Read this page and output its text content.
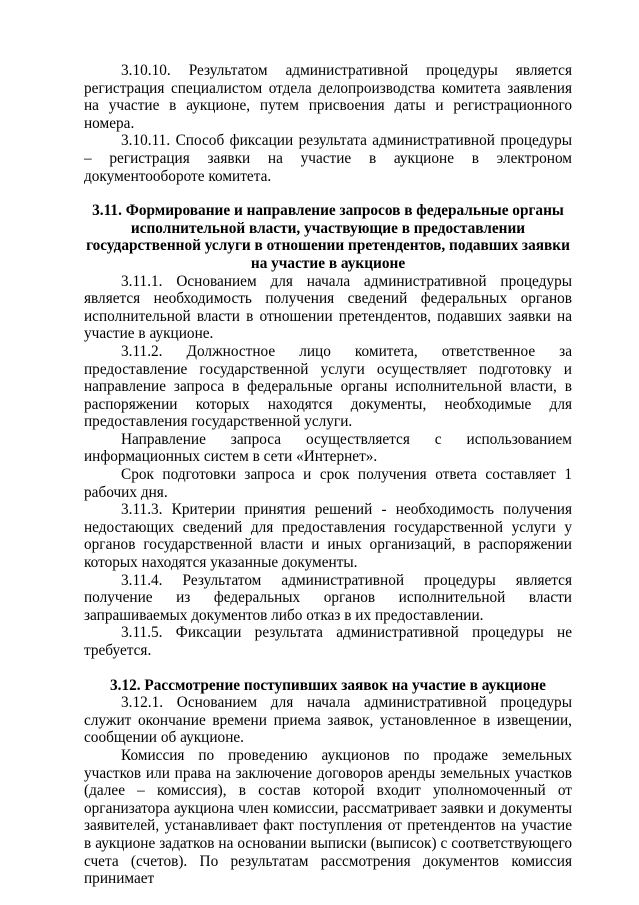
3.10.10. Результатом административной процедуры является регистрация специалистом отдела делопроизводства комитета заявления на участие в аукционе, путем присвоения даты и регистрационного номера.

3.10.11. Способ фиксации результата административной процедуры – регистрация заявки на участие в аукционе в электроном документообороте комитета.

3.11. Формирование и направление запросов в федеральные органы исполнительной власти, участвующие в предоставлении государственной услуги в отношении претендентов, подавших заявки на участие в аукционе

3.11.1. Основанием для начала административной процедуры является необходимость получения сведений федеральных органов исполнительной власти в отношении претендентов, подавших заявки на участие в аукционе.

3.11.2. Должностное лицо комитета, ответственное за предоставление государственной услуги осуществляет подготовку и направление запроса в федеральные органы исполнительной власти, в распоряжении которых находятся документы, необходимые для предоставления государственной услуги.

Направление запроса осуществляется с использованием информационных систем в сети «Интернет».

Срок подготовки запроса и срок получения ответа составляет 1 рабочих дня.

3.11.3. Критерии принятия решений - необходимость получения недостающих сведений для предоставления государственной услуги у органов государственной власти и иных организаций, в распоряжении которых находятся указанные документы.

3.11.4. Результатом административной процедуры является получение из федеральных органов исполнительной власти запрашиваемых документов либо отказ в их предоставлении.

3.11.5. Фиксации результата административной процедуры не требуется.

3.12. Рассмотрение поступивших заявок на участие в аукционе

3.12.1. Основанием для начала административной процедуры служит окончание времени приема заявок, установленное в извещении, сообщении об аукционе.

Комиссия по проведению аукционов по продаже земельных участков или права на заключение договоров аренды земельных участков (далее – комиссия), в состав которой входит уполномоченный от организатора аукциона член комиссии, рассматривает заявки и документы заявителей, устанавливает факт поступления от претендентов на участие в аукционе задатков на основании выписки (выписок) с соответствующего счета (счетов). По результатам рассмотрения документов комиссия принимает
